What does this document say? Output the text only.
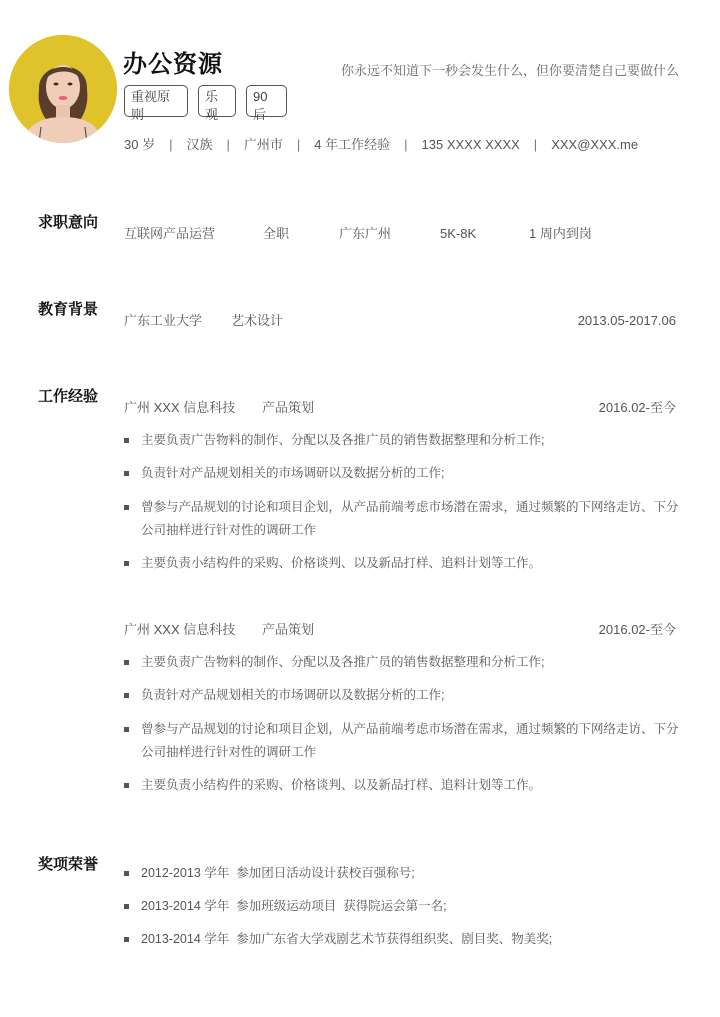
办公资源	你永远不知道下一秒会发生什么，但你要清楚自己要做什么
重视原则
乐观
90 后
30 岁 | 汉族 | 广州市 | 4 年工作经验 | 135 XXXX XXXX | XXX@XXX.me
求职意向
互联网产品运营	全职	广东广州	5K-8K	1 周内到岗
教育背景
广东工业大学 艺术设计	2013.05-2017.06
工作经验
广州 XXX 信息科技 产品策划	2016.02-至今
主要负责广告物料的制作、分配以及各推广员的销售数据整理和分析工作;
负责针对产品规划相关的市场调研以及数据分析的工作;
曾参与产品规划的讨论和项目企划，从产品前端考虑市场潜在需求，通过频繁的下网络走访、下分公司抽样进行针对性的调研工作
主要负责小结构件的采购、价格谈判、以及新品打样、追料计划等工作。
广州 XXX 信息科技 产品策划	2016.02-至今
主要负责广告物料的制作、分配以及各推广员的销售数据整理和分析工作;
负责针对产品规划相关的市场调研以及数据分析的工作;
曾参与产品规划的讨论和项目企划，从产品前端考虑市场潜在需求，通过频繁的下网络走访、下分公司抽样进行针对性的调研工作
主要负责小结构件的采购、价格谈判、以及新品打样、追料计划等工作。
奖项荣誉	2012-2013 学年  参加团日活动设计获校百强称号;
2013-2014 学年  参加班级运动项目  获得院运会第一名;
2013-2014 学年  参加广东省大学戏剧艺术节获得组织奖、剧目奖、物美奖;
